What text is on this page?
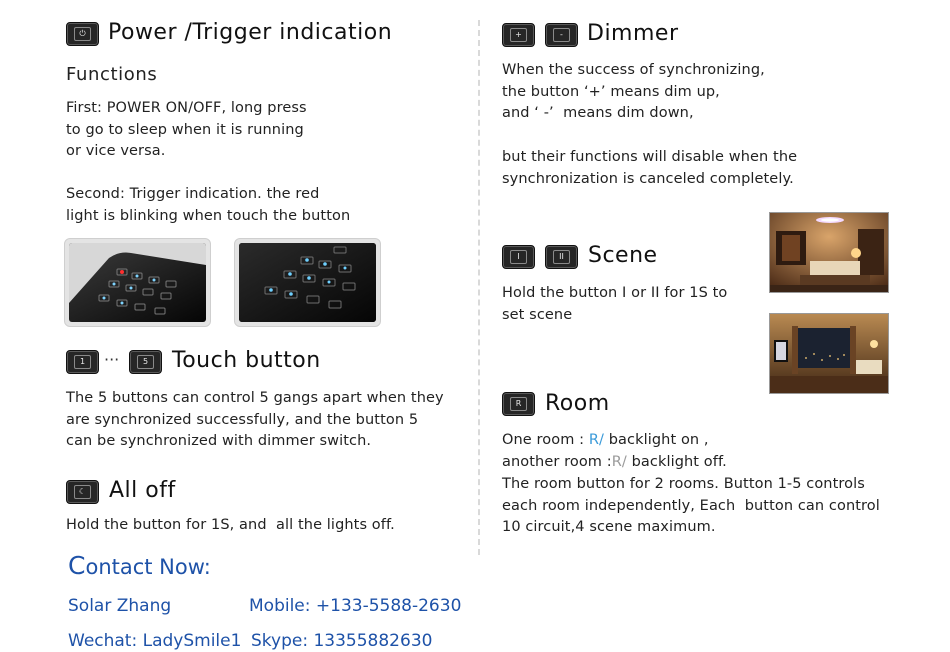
⏻ Power /Trigger indication
Functions
First: POWER ON/OFF, long press
to go to sleep when it is running
or vice versa.
Second: Trigger indication. the red
light is blinking when touch the button
1	···	5 Touch button
The 5 buttons can control 5 gangs apart when they
are synchronized successfully, and the button 5
can be synchronized with dimmer switch.
☾ All off
Hold the button for 1S, and  all the lights off.
Contact Now:
Solar Zhang	Mobile: +133-5588-2630
Wechat: LadySmile1 Skype: 13355882630
+	-	Dimmer
When the success of synchronizing,
the button ‘+’ means dim up,
and ‘ -’  means dim down,
but their functions will disable when the
synchronization is canceled completely.
I	II Scene
Hold the button I or II for 1S to
set scene
R Room
One room : R/ backlight on ,
another room :R/ backlight off.
The room button for 2 rooms. Button 1-5 controls
each room independently, Each  button can control
10 circuit,4 scene maximum.
